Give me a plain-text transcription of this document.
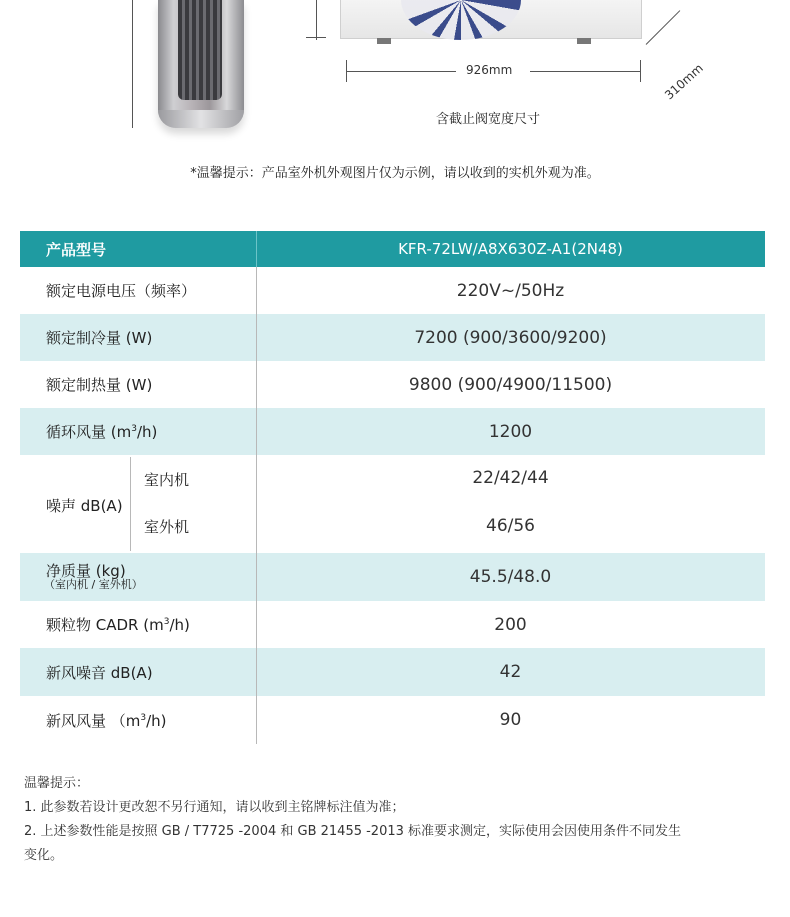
926mm	310mm
含截止阀宽度尺寸
*温馨提示：产品室外机外观图片仅为示例，请以收到的实机外观为准。
产品型号	KFR-72LW/A8X630Z-A1(2N48)
额定电源电压（频率）	220V~/50Hz
额定制冷量 (W)	7200 (900/3600/9200)
额定制热量 (W)	9800 (900/4900/11500)
循环风量 $(m^3/h)$	1200
噪声 dB(A)
室内机	22/42/44
室外机	46/56
净质量 (kg)
（室内机 / 室外机）	45.5/48.0
颗粒物 CADR $(m^3/h)$	200
新风噪音 dB(A)	42
新风风量 $(m^3/h)$	90
温馨提示：
1. 此参数若设计更改恕不另行通知，请以收到主铭牌标注值为准；
2. 上述参数性能是按照 GB / T7725 -2004 和 GB 21455 -2013 标准要求测定，实际使用会因使用条件不同发生
变化。
